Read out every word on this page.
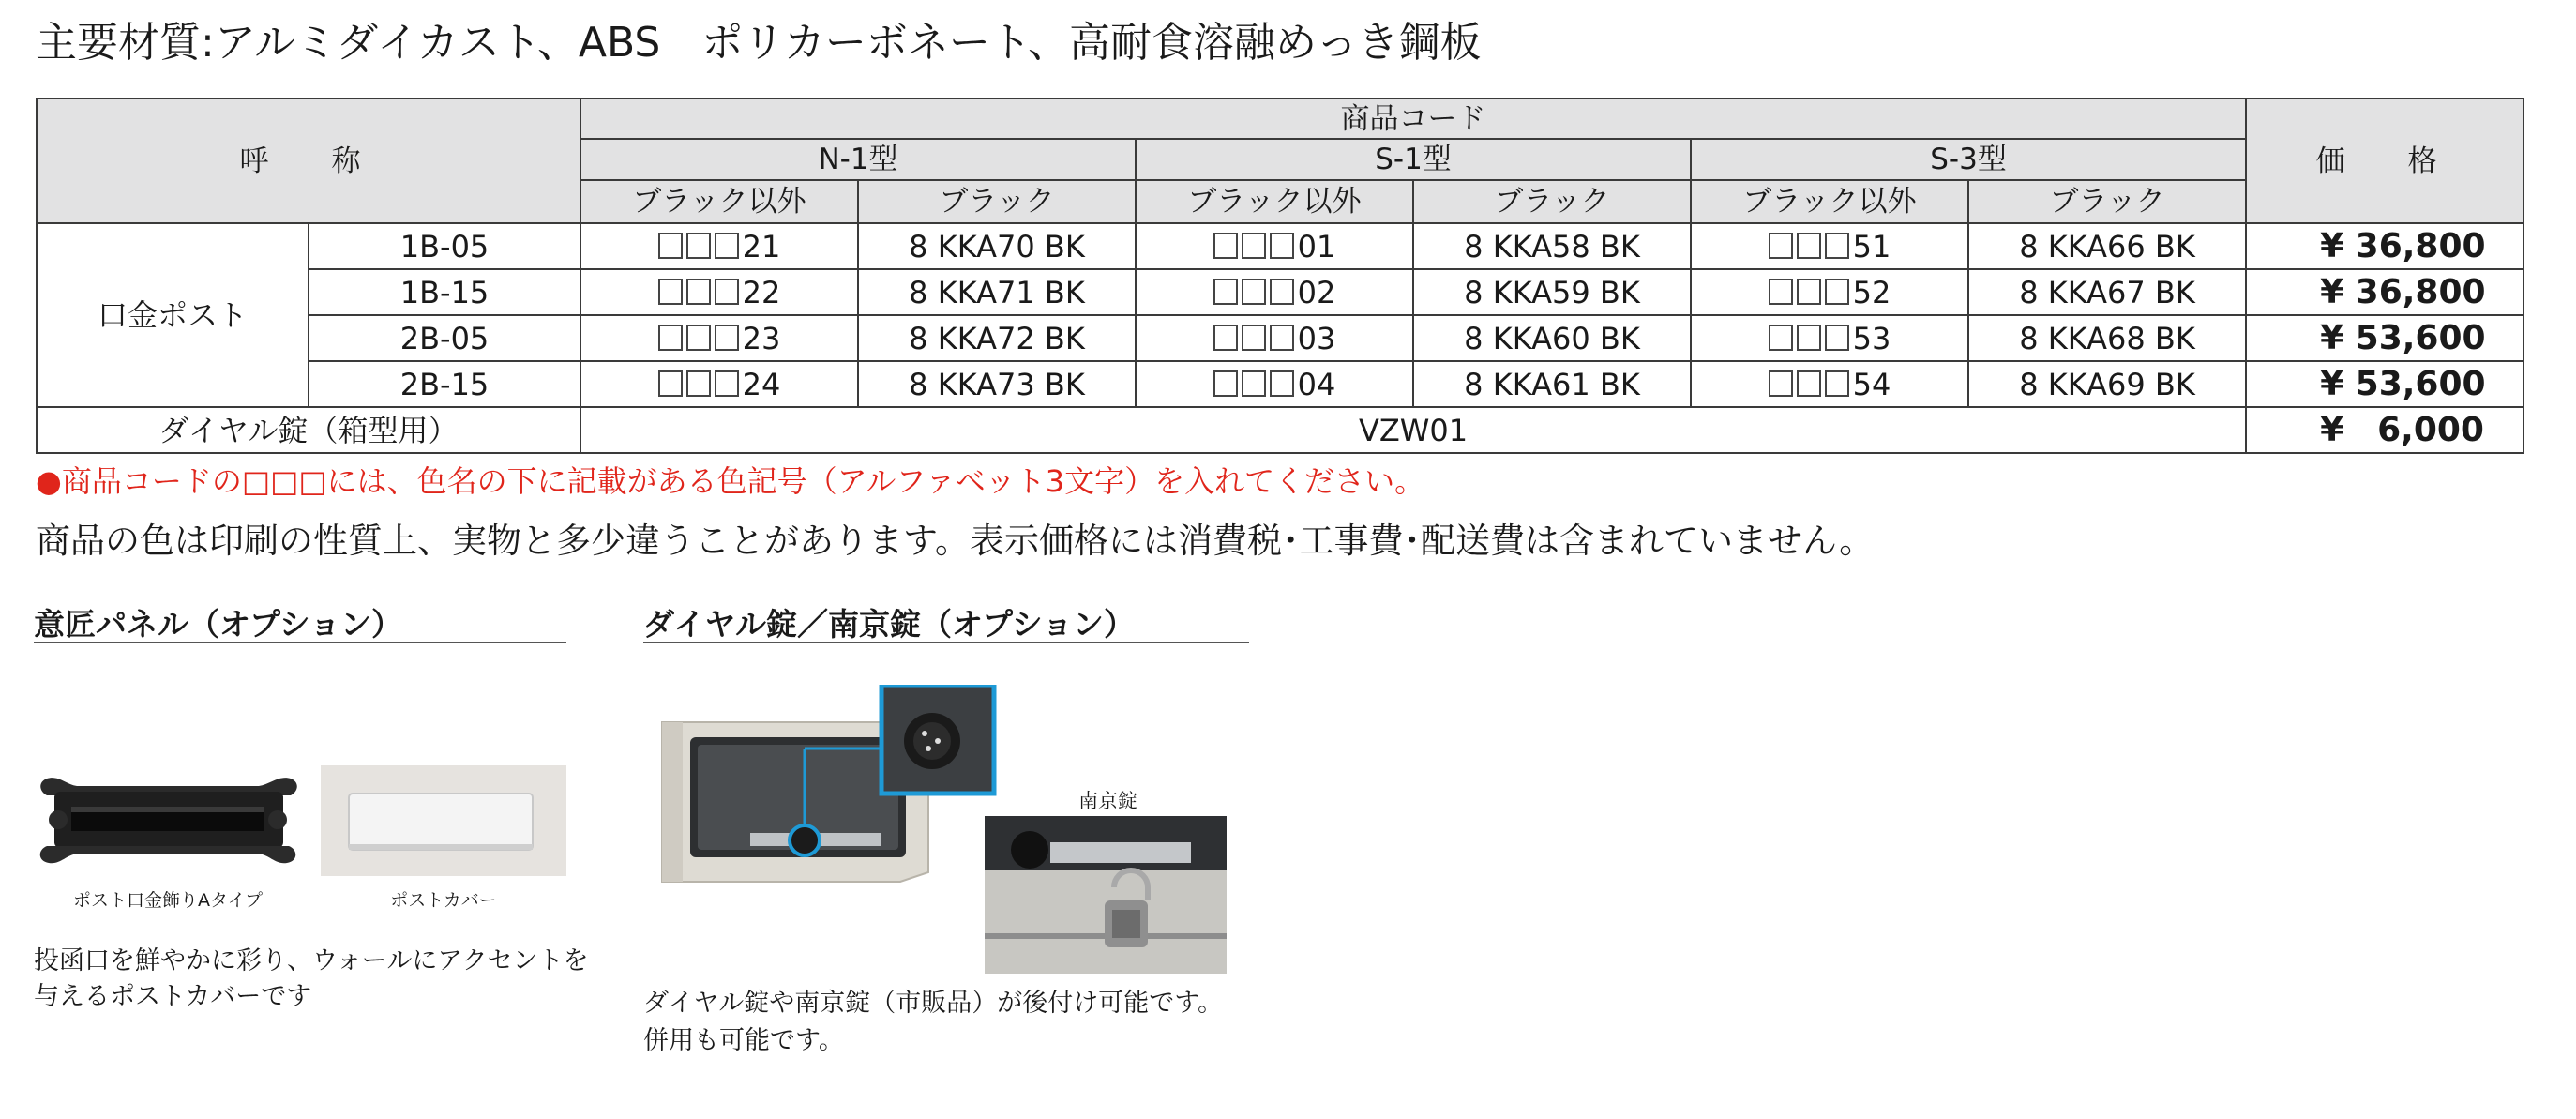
主要材質:アルミダイカスト、ABS　ポリカーボネート、高耐食溶融めっき鋼板
呼　称		商品コード						価　格
		N-1型		S-1型		S-3型		
		ブラック以外	ブラック	ブラック以外	ブラック	ブラック以外	ブラック	
口金ポスト	1B-05	21	8 KKA70 BK	01	8 KKA58 BK	51	8 KKA66 BK	¥ 36,800
	1B-15	22	8 KKA71 BK	02	8 KKA59 BK	52	8 KKA67 BK	¥ 36,800
	2B-05	23	8 KKA72 BK	03	8 KKA60 BK	53	8 KKA68 BK	¥ 53,600
	2B-15	24	8 KKA73 BK	04	8 KKA61 BK	54	8 KKA69 BK	¥ 53,600
ダイヤル錠（箱型用）		VZW01						¥　6,000
●商品コードの□□□には、色名の下に記載がある色記号（アルファベット3文字）を入れてください。
商品の色は印刷の性質上、実物と多少違うことがあります。表示価格には消費税･工事費･配送費は含まれていません。
意匠パネル（オプション）
ポスト口金飾りAタイプ	ポストカバー
投函口を鮮やかに彩り、ウォールにアクセントを
与えるポストカバーです
ダイヤル錠／南京錠（オプション）
南京錠
ダイヤル錠や南京錠（市販品）が後付け可能です。
併用も可能です。
